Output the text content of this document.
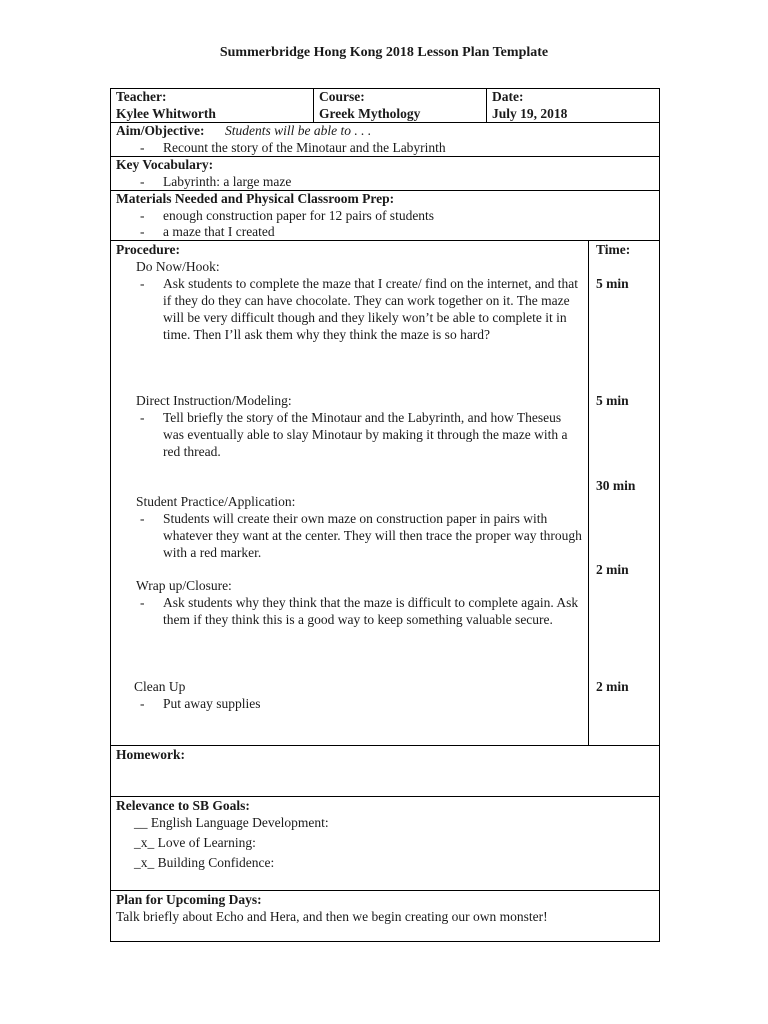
Summerbridge Hong Kong 2018 Lesson Plan Template
Teacher:
Kylee Whitworth
Course:
Greek Mythology
Date:
July 19, 2018
Aim/Objective: Students will be able to . . .
- Recount the story of the Minotaur and the Labyrinth
Key Vocabulary:
- Labyrinth: a large maze
Materials Needed and Physical Classroom Prep:
- enough construction paper for 12 pairs of students
- a maze that I created
Procedure:	Time:
Do Now/Hook:
- Ask students to complete the maze that I create/ find on the internet, and that if they do they can have chocolate. They can work together on it. The maze will be very difficult though and they likely won’t be able to complete it in time. Then I’ll ask them why they think the maze is so hard?
5 min
Direct Instruction/Modeling:
- Tell briefly the story of the Minotaur and the Labyrinth, and how Theseus was eventually able to slay Minotaur by making it through the maze with a red thread.
5 min
30 min
Student Practice/Application:
- Students will create their own maze on construction paper in pairs with whatever they want at the center. They will then trace the proper way through with a red marker.
2 min
Wrap up/Closure:
- Ask students why they think that the maze is difficult to complete again. Ask them if they think this is a good way to keep something valuable secure.
Clean Up	2 min
- Put away supplies
Homework:
Relevance to SB Goals:
__ English Language Development:
_x_ Love of Learning:
_x_ Building Confidence:
Plan for Upcoming Days:
Talk briefly about Echo and Hera, and then we begin creating our own monster!
